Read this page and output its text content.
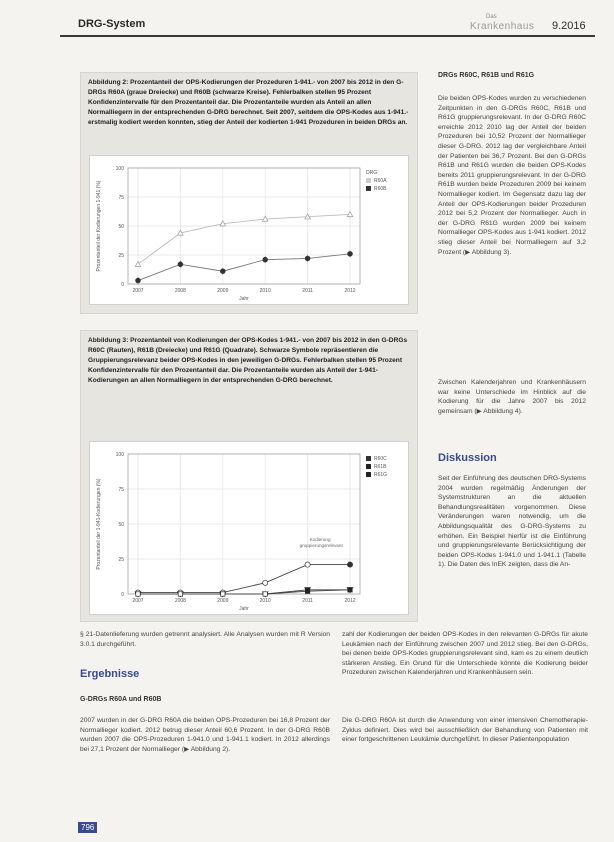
DRG-System
Das
Krankenhaus 9.2016
Abbildung 2: Prozentanteil der OPS-Kodierungen der Prozeduren 1-941.- von 2007 bis 2012 in den G-DRGs R60A (graue Dreiecke) und R60B (schwarze Kreise). Fehlerbalken stellen 95 Prozent Konfidenzintervalle für den Prozentanteil dar. Die Prozentanteile wurden als Anteil an allen Normalliegern in der entsprechenden G-DRG berechnet. Seit 2007, seitdem die OPS-Kodes aus 1-941.- erstmalig kodiert werden konnten, stieg der Anteil der kodierten 1-941 Prozeduren in beiden DRGs an.
0
25
50
75
100
2007	2008	2009	2010	2011	2012
Jahr
Prozentanteil der Kodierungen 1-941 (%)
DRG
R60A
R60B
Abbildung 3: Prozentanteil von Kodierungen der OPS-Kodes 1-941.- von 2007 bis 2012 in den G-DRGs R60C (Rauten), R61B (Dreiecke) und R61G (Quadrate). Schwarze Symbole repräsentieren die Gruppierungsrelevanz beider OPS-Kodes in den jeweiligen G-DRGs. Fehlerbalken stellen 95 Prozent Konfidenzintervalle für den Prozentanteil dar. Die Prozentanteile wurden als Anteil der 1-941-Kodierungen an allen Normalliegern in der entsprechenden G-DRG berechnet.
0
25
50
75
100
2007	2008	2009	2010	2011	2012
Jahr
Prozentanteil der 1-941-Kodierungen (%)
R60C
R61B
R61G
Kodierung
gruppierungsrelevant
DRGs R60C, R61B und R61G
Die beiden OPS-Kodes wurden zu verschiedenen Zeitpunkten in den G-DRGs R60C, R61B und R61G gruppierungsrelevant. In der G-DRG R60C erreichte 2012 2010 lag der Anteil der beiden Prozeduren bei 10,52 Prozent der Normallieger dieser G-DRG. 2012 lag der vergleichbare Anteil der Patienten bei 36,7 Prozent. Bei den G-DRGs R61B und R61G wurden die beiden OPS-Kodes bereits 2011 gruppierungsrelevant. In der G-DRG R61B wurden beide Prozeduren 2009 bei keinem Normallieger kodiert. Im Gegensatz dazu lag der Anteil der OPS-Kodierungen beider Prozeduren 2012 bei 5,2 Prozent der Normallieger. Auch in der G-DRG R61G wurden 2009 bei keinem Normallieger OPS-Kodes aus 1-941 kodiert. 2012 stieg dieser Anteil bei Normalliegern auf 3,2 Prozent (▶ Abbildung 3).
Zwischen Kalenderjahren und Krankenhäusern war keine Unterschiede im Hinblick auf die Kodierung für die Jahre 2007 bis 2012 gemeinsam (▶ Abbildung 4).
Diskussion
Seit der Einführung des deutschen DRG-Systems 2004 wurden regelmäßig Änderungen der Systemstrukturen an die aktuellen Behandlungsrealitäten vorgenommen. Diese Veränderungen waren notwendig, um die Abbildungsqualität des G-DRG-Systems zu erhöhen. Ein Beispiel hierfür ist die Einführung und gruppierungsrelevante Berücksichtigung der beiden OPS-Kodes 1-941.0 und 1-941.1 (Tabelle 1). Die Daten des InEK zeigten, dass die An-
§ 21-Datenlieferung wurden getrennt analysiert. Alle Analysen wurden mit R Version 3.0.1 durchgeführt.
Ergebnisse
G-DRGs R60A und R60B
2007 wurden in der G-DRG R60A die beiden OPS-Prozeduren bei 16,8 Prozent der Normallieger kodiert. 2012 betrug dieser Anteil 60,6 Prozent. In der G-DRG R60B wurden 2007 die OPS-Prozeduren 1-941.0 und 1-941.1 kodiert. In 2012 allerdings bei 27,1 Prozent der Normallieger (▶ Abbildung 2).
zahl der Kodierungen der beiden OPS-Kodes in den relevanten G-DRGs für akute Leukämien nach der Einführung zwischen 2007 und 2012 stieg. Bei den G-DRGs, bei denen beide OPS-Kodes gruppierungsrelevant sind, kam es zu einem deutlich stärkeren Anstieg. Ein Grund für die Unterschiede könnte die Kodierung beider Prozeduren zwischen Kalenderjahren und Krankenhäusern sein.
Die G-DRG R60A ist durch die Anwendung von einer intensiven Chemotherapie-Zyklus definiert. Dies wird bei ausschließlich der Behandlung von Patienten mit einer fortgeschrittenen Leukämie durchgeführt. In dieser Patientenpopulation
796
